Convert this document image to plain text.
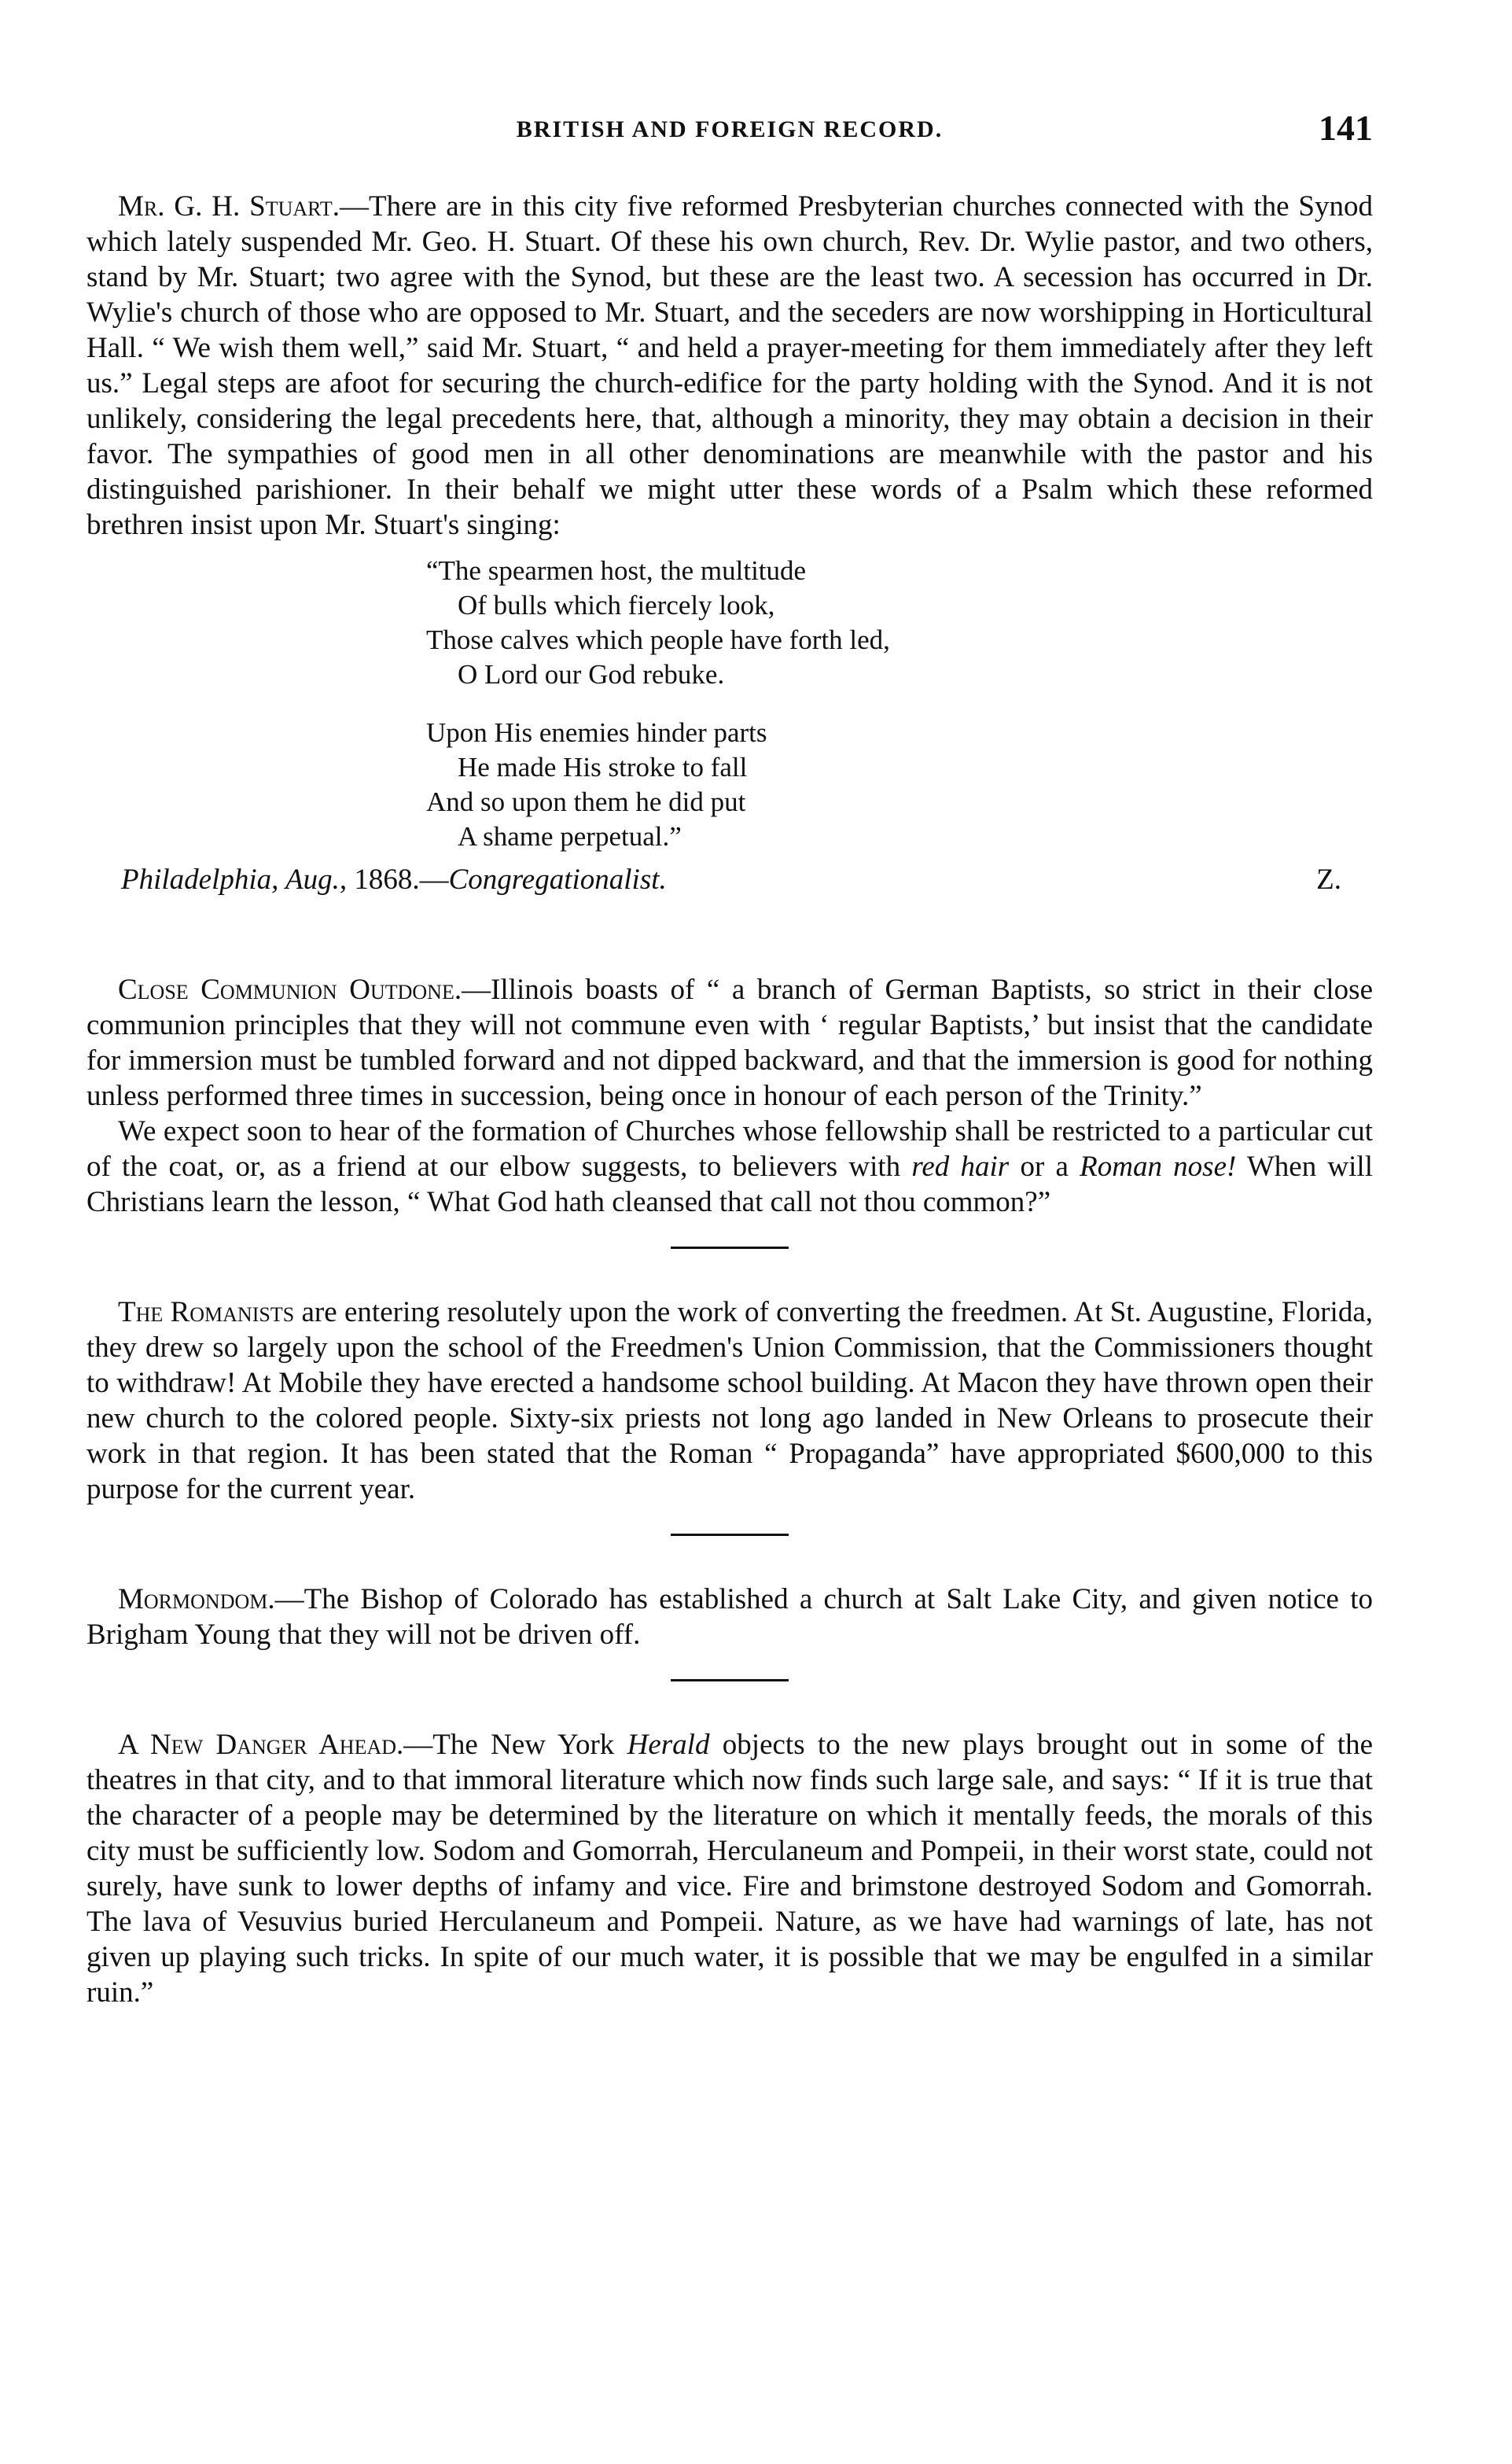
BRITISH AND FOREIGN RECORD.	141

Mr. G. H. Stuart.—There are in this city five reformed Presbyterian churches connected with the Synod which lately suspended Mr. Geo. H. Stuart. Of these his own church, Rev. Dr. Wylie pastor, and two others, stand by Mr. Stuart; two agree with the Synod, but these are the least two. A secession has occurred in Dr. Wylie's church of those who are opposed to Mr. Stuart, and the seceders are now worshipping in Horticultural Hall. “ We wish them well,” said Mr. Stuart, “ and held a prayer-meeting for them immediately after they left us.” Legal steps are afoot for securing the church-edifice for the party holding with the Synod. And it is not unlikely, considering the legal precedents here, that, although a minority, they may obtain a decision in their favor. The sympathies of good men in all other denominations are meanwhile with the pastor and his distinguished parishioner. In their behalf we might utter these words of a Psalm which these reformed brethren insist upon Mr. Stuart's singing:

“The spearmen host, the multitude
Of bulls which fiercely look,
Those calves which people have forth led,
O Lord our God rebuke.
Upon His enemies hinder parts
He made His stroke to fall
And so upon them he did put
A shame perpetual.”
Philadelphia, Aug., 1868.—Congregationalist.	Z.

Close Communion Outdone.—Illinois boasts of “ a branch of German Baptists, so strict in their close communion principles that they will not commune even with ‘ regular Baptists,’ but insist that the candidate for immersion must be tumbled forward and not dipped backward, and that the immersion is good for nothing unless performed three times in succession, being once in honour of each person of the Trinity.”

We expect soon to hear of the formation of Churches whose fellowship shall be restricted to a particular cut of the coat, or, as a friend at our elbow suggests, to believers with red hair or a Roman nose! When will Christians learn the lesson, “ What God hath cleansed that call not thou common?”

The Romanists are entering resolutely upon the work of converting the freedmen. At St. Augustine, Florida, they drew so largely upon the school of the Freedmen's Union Commission, that the Commissioners thought to withdraw! At Mobile they have erected a handsome school building. At Macon they have thrown open their new church to the colored people. Sixty-six priests not long ago landed in New Orleans to prosecute their work in that region. It has been stated that the Roman “ Propaganda” have appropriated $600,000 to this purpose for the current year.

Mormondom.—The Bishop of Colorado has established a church at Salt Lake City, and given notice to Brigham Young that they will not be driven off.

A New Danger Ahead.—The New York Herald objects to the new plays brought out in some of the theatres in that city, and to that immoral literature which now finds such large sale, and says: “ If it is true that the character of a people may be determined by the literature on which it mentally feeds, the morals of this city must be sufficiently low. Sodom and Gomorrah, Herculaneum and Pompeii, in their worst state, could not surely, have sunk to lower depths of infamy and vice. Fire and brimstone destroyed Sodom and Gomorrah. The lava of Vesuvius buried Herculaneum and Pompeii. Nature, as we have had warnings of late, has not given up playing such tricks. In spite of our much water, it is possible that we may be engulfed in a similar ruin.”
